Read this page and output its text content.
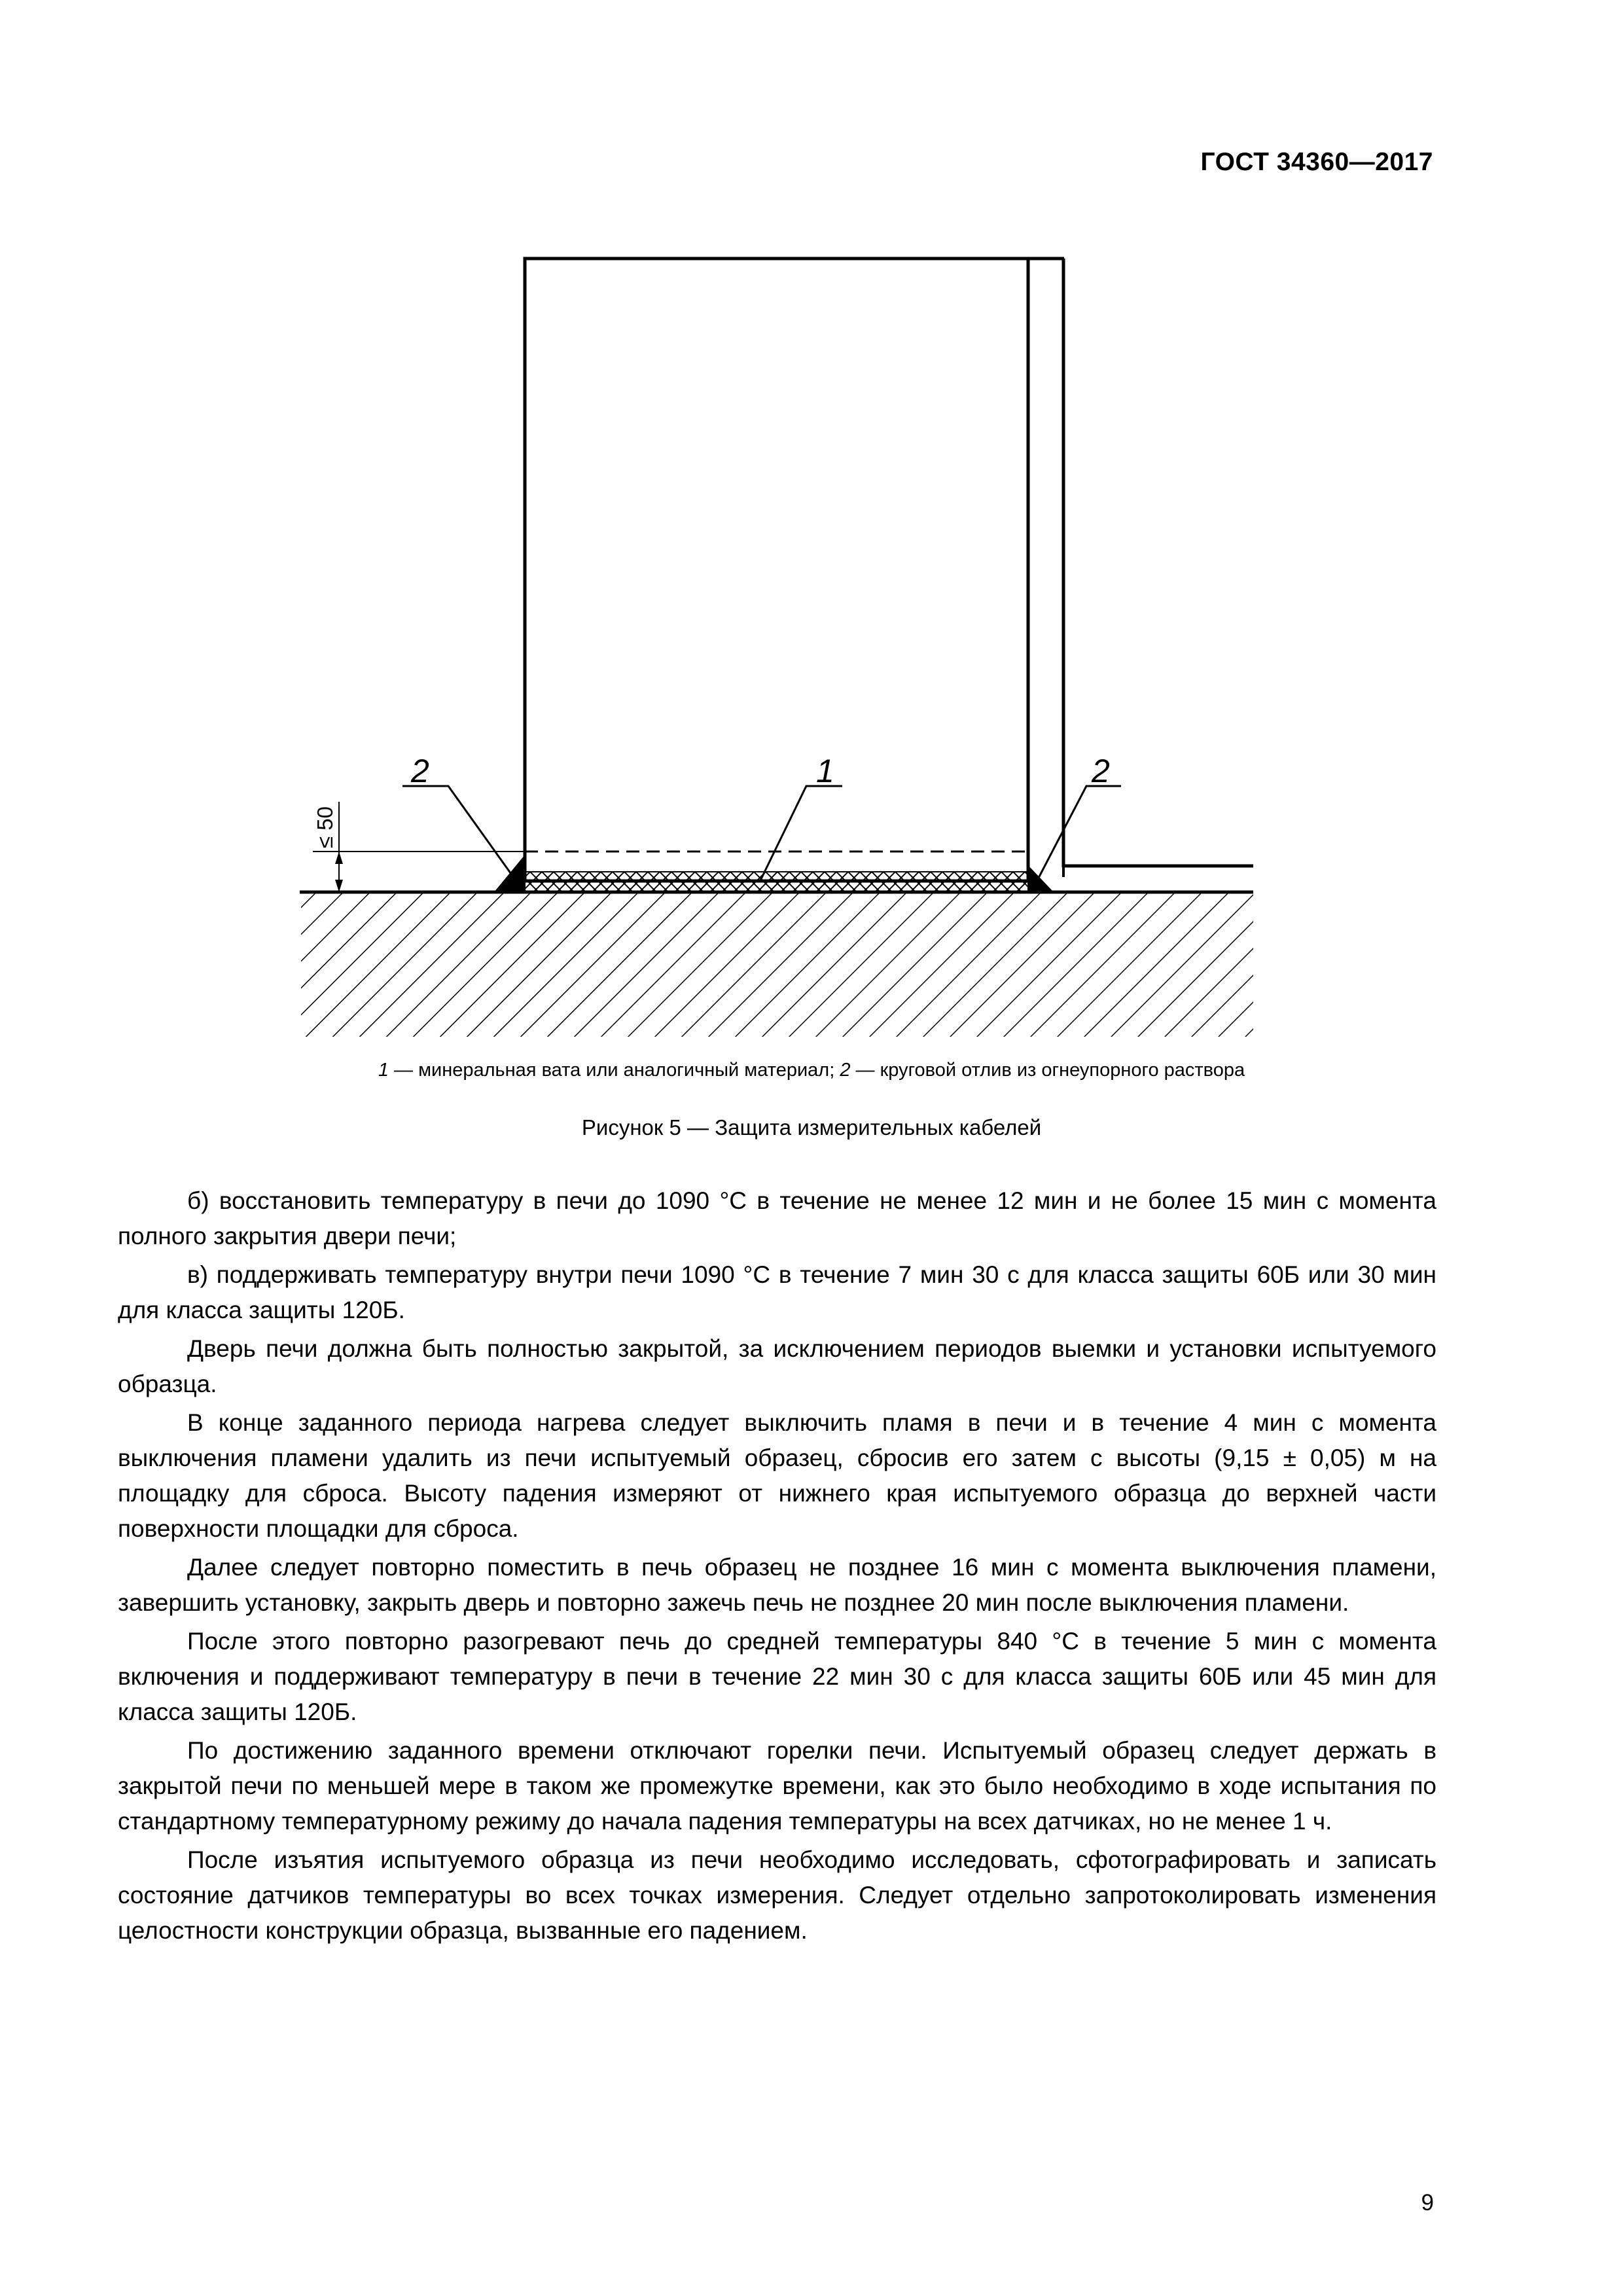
ГОСТ 34360—2017
2	1	2
≤ 50
1 — минеральная вата или аналогичный материал; 2 — круговой отлив из огнеупорного раствора
Рисунок 5 — Защита измерительных кабелей

б) восстановить температуру в печи до 1090 °С в течение не менее 12 мин и не более 15 мин с момента полного закрытия двери печи;

в) поддерживать температуру внутри печи 1090 °С в течение 7 мин 30 с для класса защиты 60Б или 30 мин для класса защиты 120Б.

Дверь печи должна быть полностью закрытой, за исключением периодов выемки и установки испытуемого образца.

В конце заданного периода нагрева следует выключить пламя в печи и в течение 4 мин с момента выключения пламени удалить из печи испытуемый образец, сбросив его затем с высоты (9,15 ± 0,05) м на площадку для сброса. Высоту падения измеряют от нижнего края испытуемого образца до верхней части поверхности площадки для сброса.

Далее следует повторно поместить в печь образец не позднее 16 мин с момента выключения пламени, завершить установку, закрыть дверь и повторно зажечь печь не позднее 20 мин после выключения пламени.

После этого повторно разогревают печь до средней температуры 840 °С в течение 5 мин с момента включения и поддерживают температуру в печи в течение 22 мин 30 с для класса защиты 60Б или 45 мин для класса защиты 120Б.

По достижению заданного времени отключают горелки печи. Испытуемый образец следует держать в закрытой печи по меньшей мере в таком же промежутке времени, как это было необходимо в ходе испытания по стандартному температурному режиму до начала падения температуры на всех датчиках, но не менее 1 ч.

После изъятия испытуемого образца из печи необходимо исследовать, сфотографировать и записать состояние датчиков температуры во всех точках измерения. Следует отдельно запротоколировать изменения целостности конструкции образца, вызванные его падением.

9
